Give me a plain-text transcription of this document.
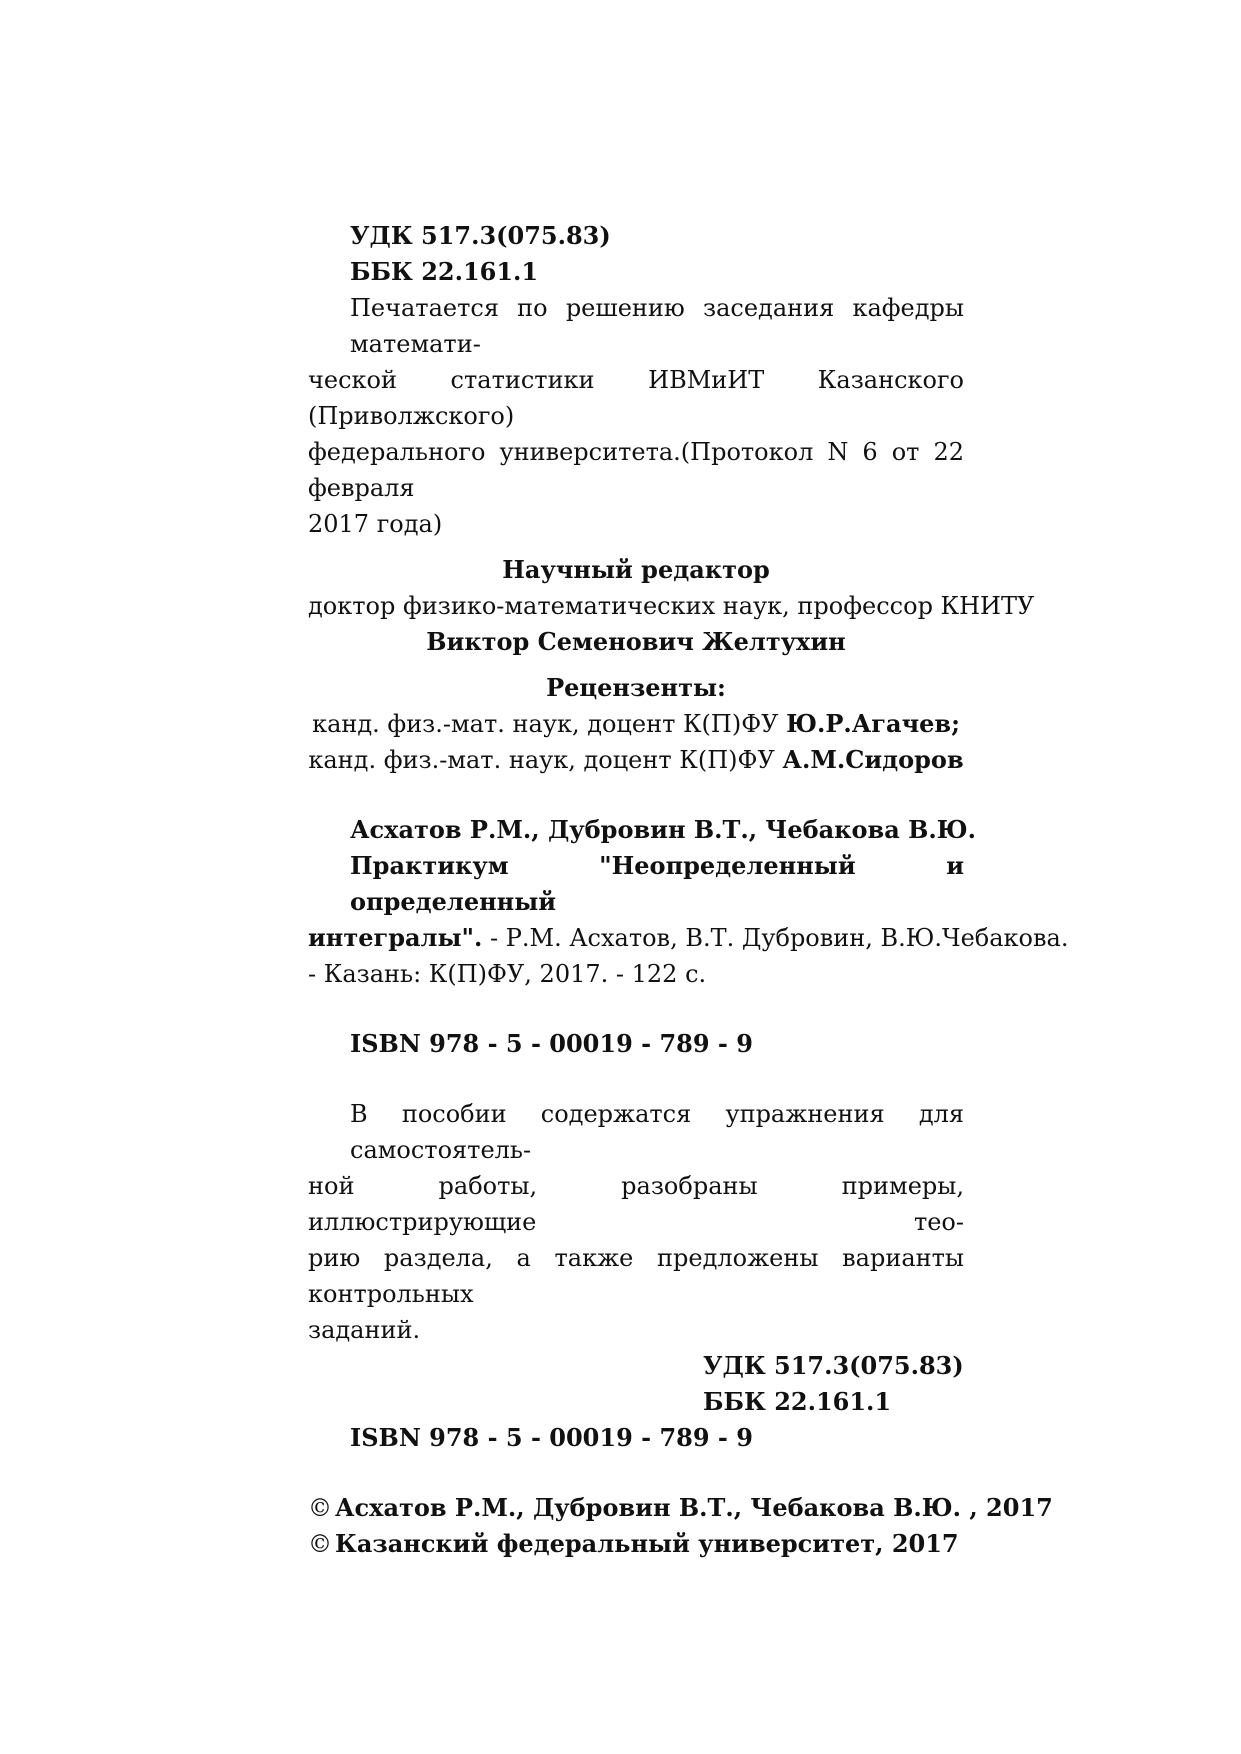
УДК 517.3(075.83)
ББК 22.161.1
Печатается по решению заседания кафедры математи-
ческой статистики ИВМиИТ Казанского (Приволжского)
федерального университета.(Протокол N 6 от 22 февраля
2017 года)
Научный редактор
доктор физико-математических наук, профессор КНИТУ
Виктор Семенович Желтухин
Рецензенты:
канд. физ.-мат. наук, доцент К(П)ФУ Ю.Р.Агачев;
канд. физ.-мат. наук, доцент К(П)ФУ А.М.Сидоров
Асхатов Р.М., Дубровин В.Т., Чебакова В.Ю.
Практикум "Неопределенный и определенный
интегралы". - Р.М. Асхатов, В.Т. Дубровин, В.Ю.Чебакова.
- Казань: К(П)ФУ, 2017. - 122 с.
ISBN 978 - 5 - 00019 - 789 - 9
В пособии содержатся упражнения для самостоятель-
ной работы, разобраны примеры, иллюстрирующие тео-
рию раздела, а также предложены варианты контрольных
заданий.
УДК 517.3(075.83)
ББК 22.161.1
ISBN 978 - 5 - 00019 - 789 - 9
© Асхатов Р.М., Дубровин В.Т., Чебакова В.Ю. , 2017
© Казанский федеральный университет, 2017
